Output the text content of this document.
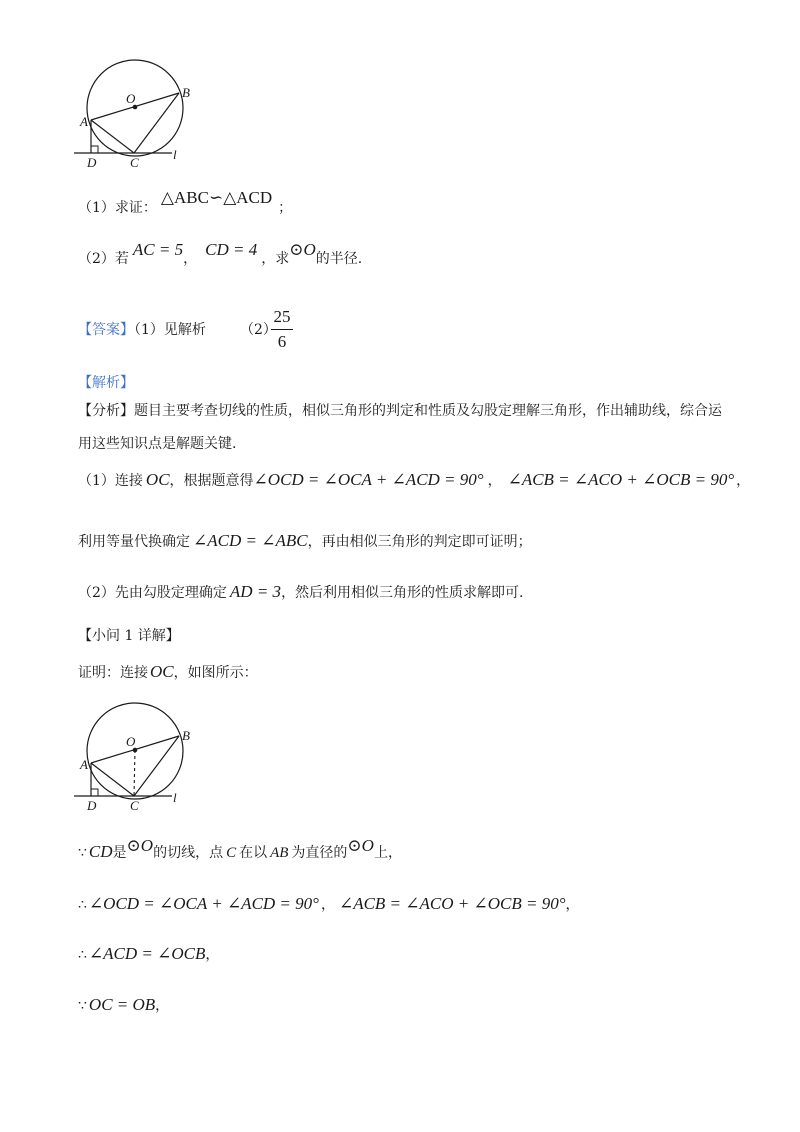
O	B
A
D	C
l
（1）求证：△ABC∽△ACD；
（2）若 AC = 5， CD = 4 ，求⊙O的半径.
【答案】（1）见解析 （2）
25
6
【解析】
【分析】题目主要考查切线的性质，相似三角形的判定和性质及勾股定理解三角形，作出辅助线，综合运
用这些知识点是解题关键.
（1）连接 OC，根据题意得∠OCD = ∠OCA + ∠ACD = 90° ， ∠ACB = ∠ACO + ∠OCB = 90° ，
利用等量代换确定 ∠ACD = ∠ABC，再由相似三角形的判定即可证明；
（2）先由勾股定理确定 AD = 3，然后利用相似三角形的性质求解即可.
【小问 1 详解】
证明：连接 OC，如图所示：
O	B
A
D	C
l
∵ CD是⊙O的切线，点 C 在以 AB 为直径的⊙O上，
∴ ∠OCD = ∠OCA + ∠ACD = 90° ， ∠ACB = ∠ACO + ∠OCB = 90°，
∴ ∠ACD = ∠OCB，
∵ OC = OB，
